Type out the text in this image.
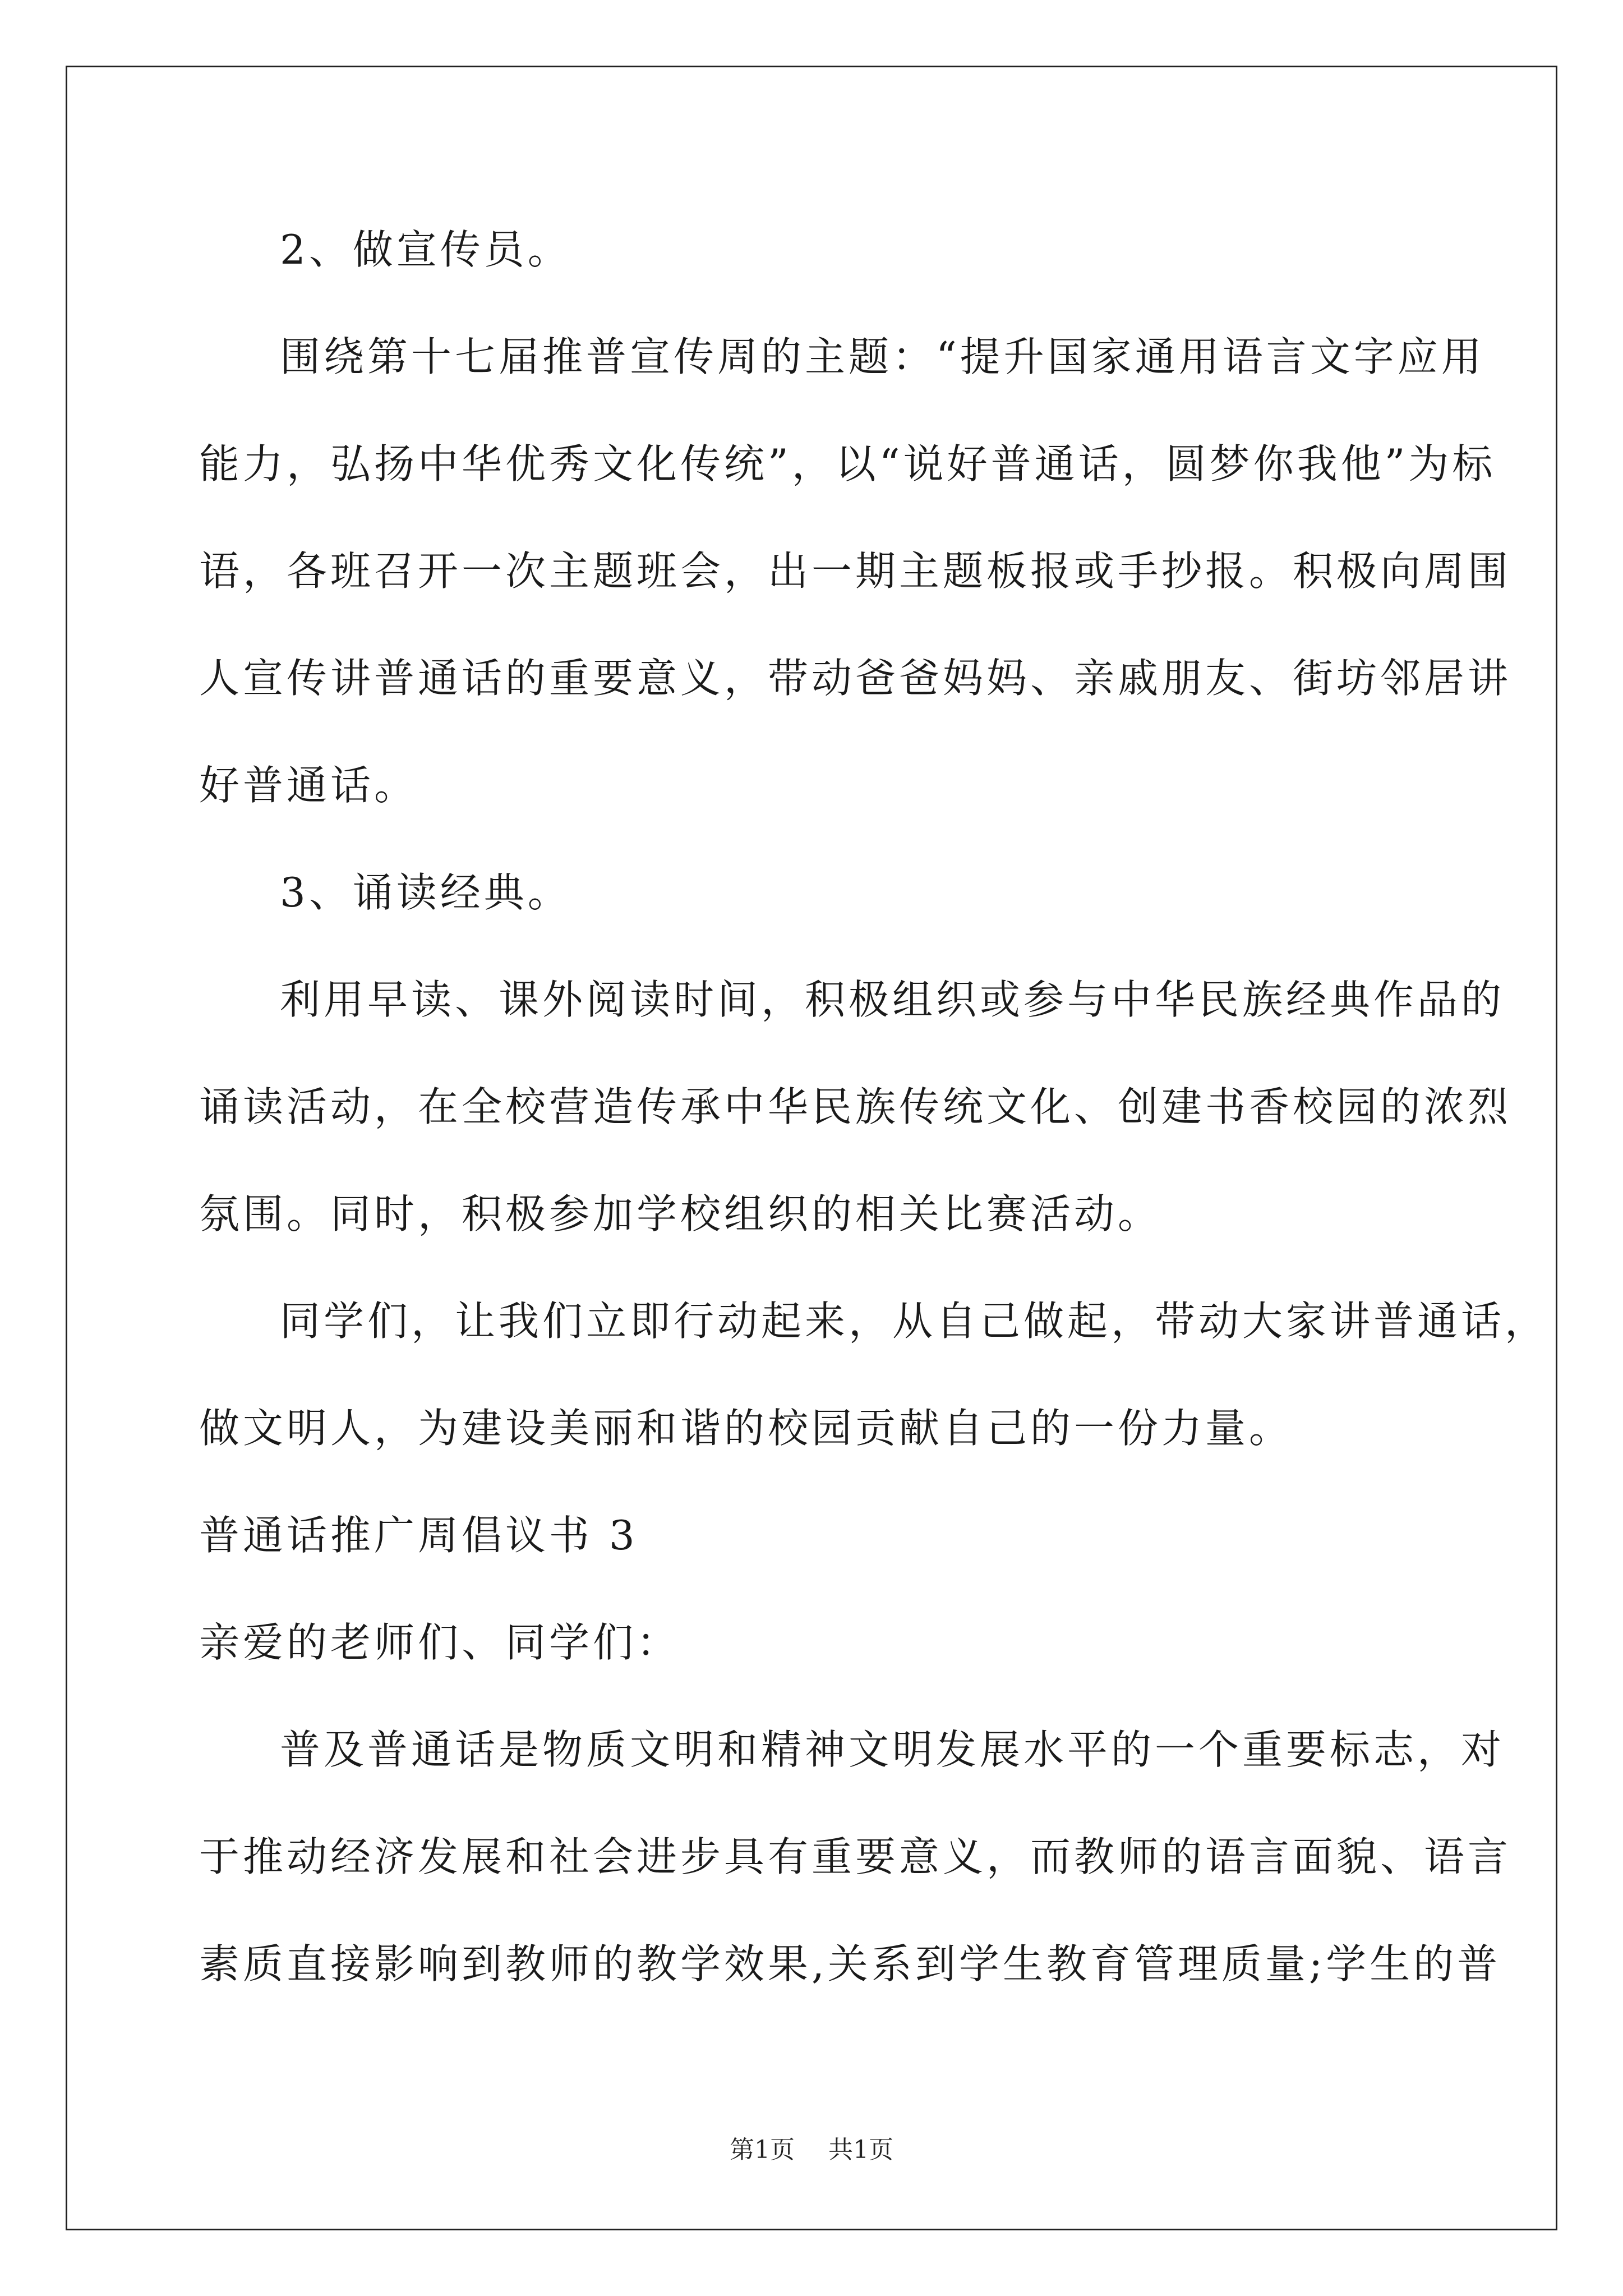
2、做宣传员。
围绕第十七届推普宣传周的主题：“提升国家通用语言文字应用
能力，弘扬中华优秀文化传统”，以“说好普通话，圆梦你我他”为标
语，各班召开一次主题班会，出一期主题板报或手抄报。积极向周围
人宣传讲普通话的重要意义，带动爸爸妈妈、亲戚朋友、街坊邻居讲
好普通话。
3、诵读经典。
利用早读、课外阅读时间，积极组织或参与中华民族经典作品的
诵读活动，在全校营造传承中华民族传统文化、创建书香校园的浓烈
氛围。同时，积极参加学校组织的相关比赛活动。
同学们，让我们立即行动起来，从自己做起，带动大家讲普通话，
做文明人，为建设美丽和谐的校园贡献自己的一份力量。
普通话推广周倡议书 3
亲爱的老师们、同学们：
普及普通话是物质文明和精神文明发展水平的一个重要标志，对
于推动经济发展和社会进步具有重要意义，而教师的语言面貌、语言
素质直接影响到教师的教学效果,关系到学生教育管理质量;学生的普
第1页 共1页
